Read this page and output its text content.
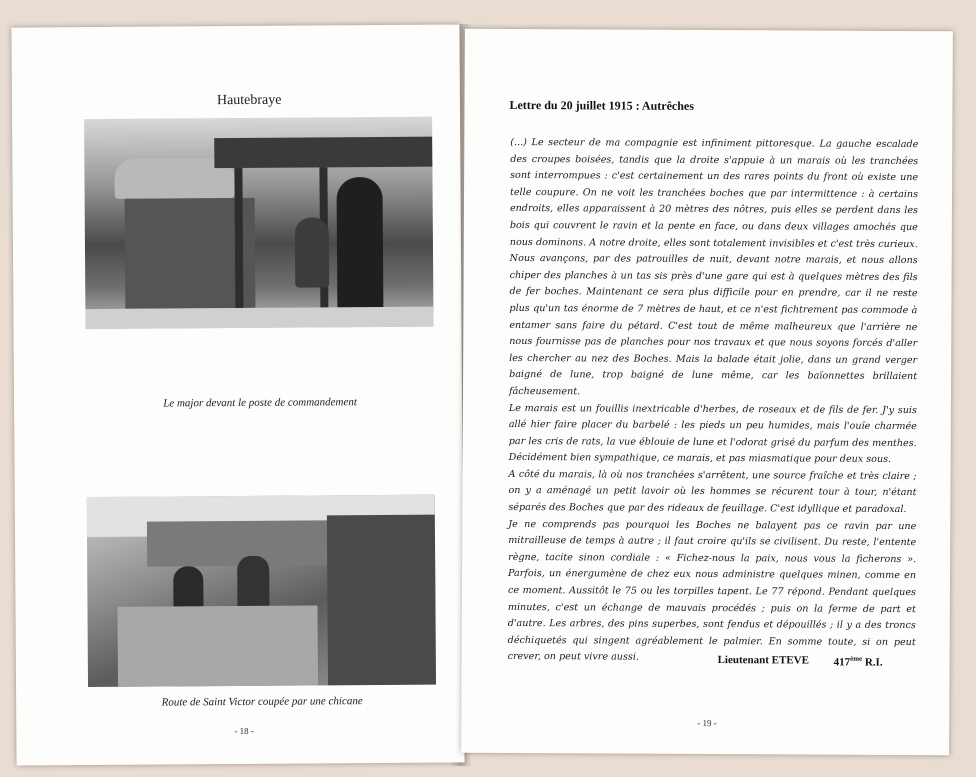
Hautebraye
Le major devant le poste de commandement
Route de Saint Victor coupée par une chicane
- 18 -
Lettre du 20 juillet 1915 : Autrêches

(...) Le secteur de ma compagnie est infiniment pittoresque. La gauche escalade des croupes boisées, tandis que la droite s'appuie à un marais où les tranchées sont interrompues : c'est certainement un des rares points du front où existe une telle coupure. On ne voit les tranchées boches que par intermittence : à certains endroits, elles apparaissent à 20 mètres des nôtres, puis elles se perdent dans les bois qui couvrent le ravin et la pente en face, ou dans deux villages amochés que nous dominons. A notre droite, elles sont totalement invisibles et c'est très curieux. Nous avançons, par des patrouilles de nuit, devant notre marais, et nous allons chiper des planches à un tas sis près d'une gare qui est à quelques mètres des fils de fer boches. Maintenant ce sera plus difficile pour en prendre, car il ne reste plus qu'un tas énorme de 7 mètres de haut, et ce n'est fichtrement pas commode à entamer sans faire du pétard. C'est tout de même malheureux que l'arrière ne nous fournisse pas de planches pour nos travaux et que nous soyons forcés d'aller les chercher au nez des Boches. Mais la balade était jolie, dans un grand verger baigné de lune, trop baigné de lune même, car les baïonnettes brillaient fâcheusement.

Le marais est un fouillis inextricable d'herbes, de roseaux et de fils de fer. J'y suis allé hier faire placer du barbelé : les pieds un peu humides, mais l'ouïe charmée par les cris de rats, la vue éblouie de lune et l'odorat grisé du parfum des menthes. Décidément bien sympathique, ce marais, et pas miasmatique pour deux sous.

A côté du marais, là où nos tranchées s'arrêtent, une source fraîche et très claire ; on y a aménagé un petit lavoir où les hommes se récurent tour à tour, n'étant séparés des Boches que par des rideaux de feuillage. C'est idyllique et paradoxal.

Je ne comprends pas pourquoi les Boches ne balayent pas ce ravin par une mitrailleuse de temps à autre ; il faut croire qu'ils se civilisent. Du reste, l'entente règne, tacite sinon cordiale : « Fichez-nous la paix, nous vous la ficherons ». Parfois, un énergumène de chez eux nous administre quelques minen, comme en ce moment. Aussitôt le 75 ou les torpilles tapent. Le 77 répond. Pendant quelques minutes, c'est un échange de mauvais procédés ; puis on la ferme de part et d'autre. Les arbres, des pins superbes, sont fendus et dépouillés ; il y a des troncs déchiquetés qui singent agréablement le palmier. En somme toute, si on peut crever, on peut vivre aussi.	Lieutenant ETEVE 417ème R.I.
- 19 -
